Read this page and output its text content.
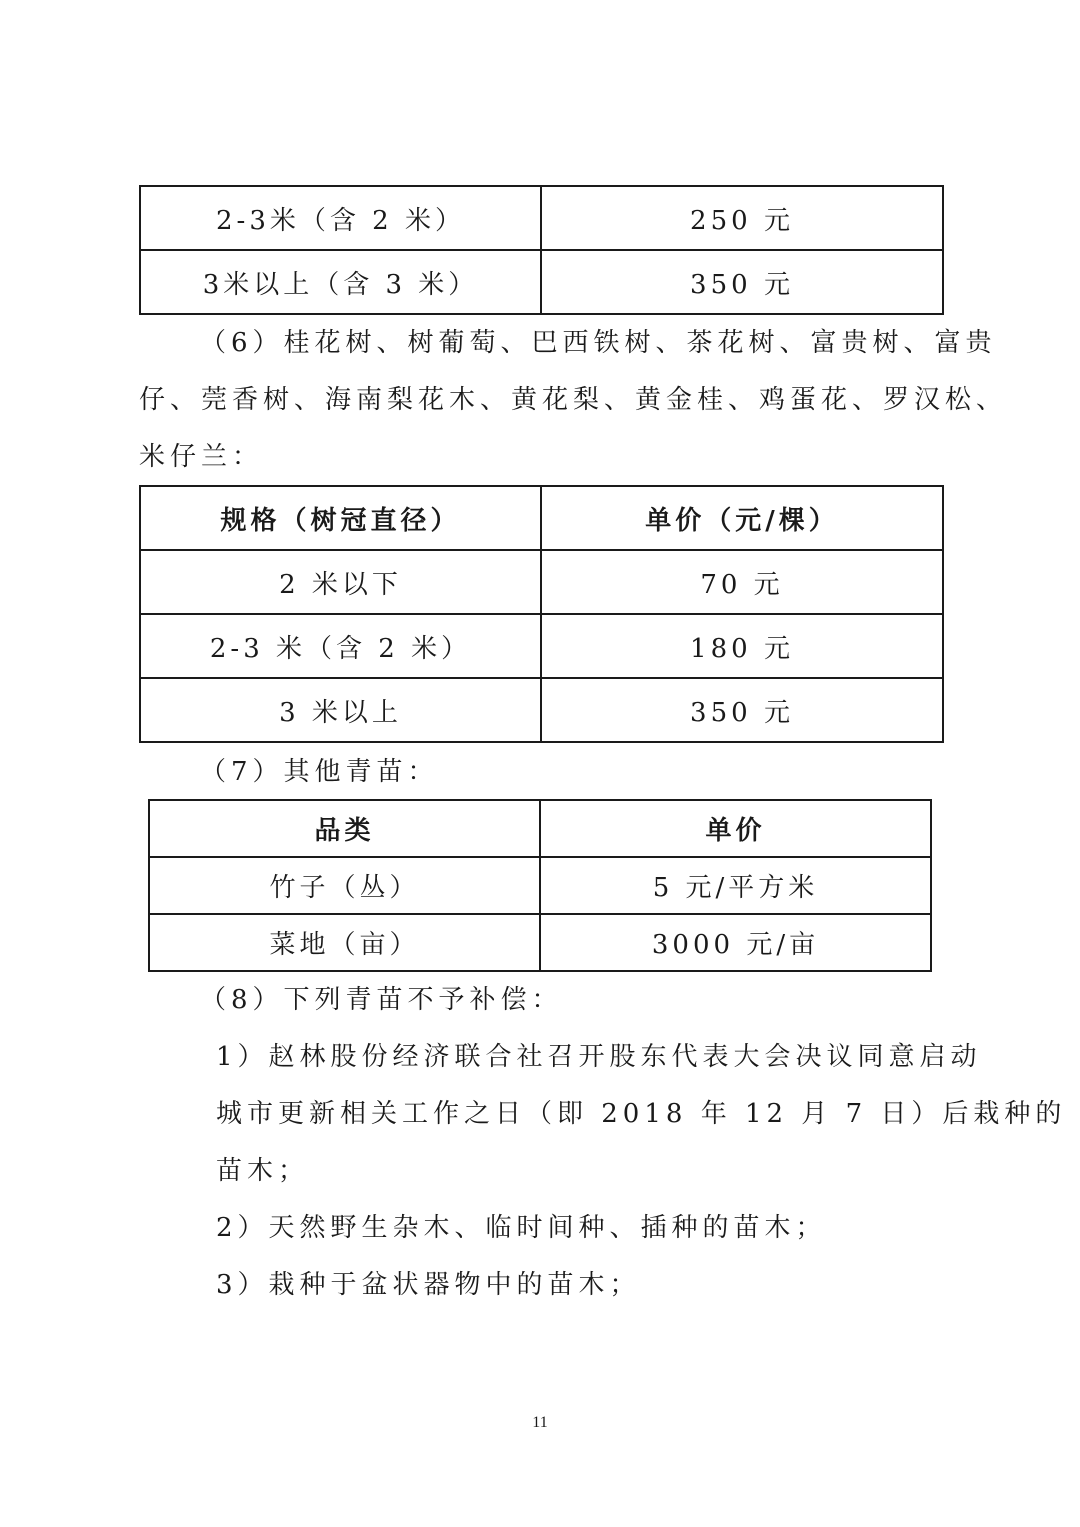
2-3米（含 2 米）	250 元
3米以上（含 3 米）	350 元

（6）桂花树、树葡萄、巴西铁树、茶花树、富贵树、富贵

仔、莞香树、海南梨花木、黄花梨、黄金桂、鸡蛋花、罗汉松、

米仔兰：

规格（树冠直径）	单价（元/棵）
2 米以下	70 元
2-3 米（含 2 米）	180 元
3 米以上	350 元

（7）其他青苗：

品类	单价
竹子（丛）	5 元/平方米
菜地（亩）	3000 元/亩

（8）下列青苗不予补偿：

1）赵林股份经济联合社召开股东代表大会决议同意启动

城市更新相关工作之日（即 2018 年 12 月 7 日）后栽种的

苗木；

2）天然野生杂木、临时间种、插种的苗木；

3）栽种于盆状器物中的苗木；

11
